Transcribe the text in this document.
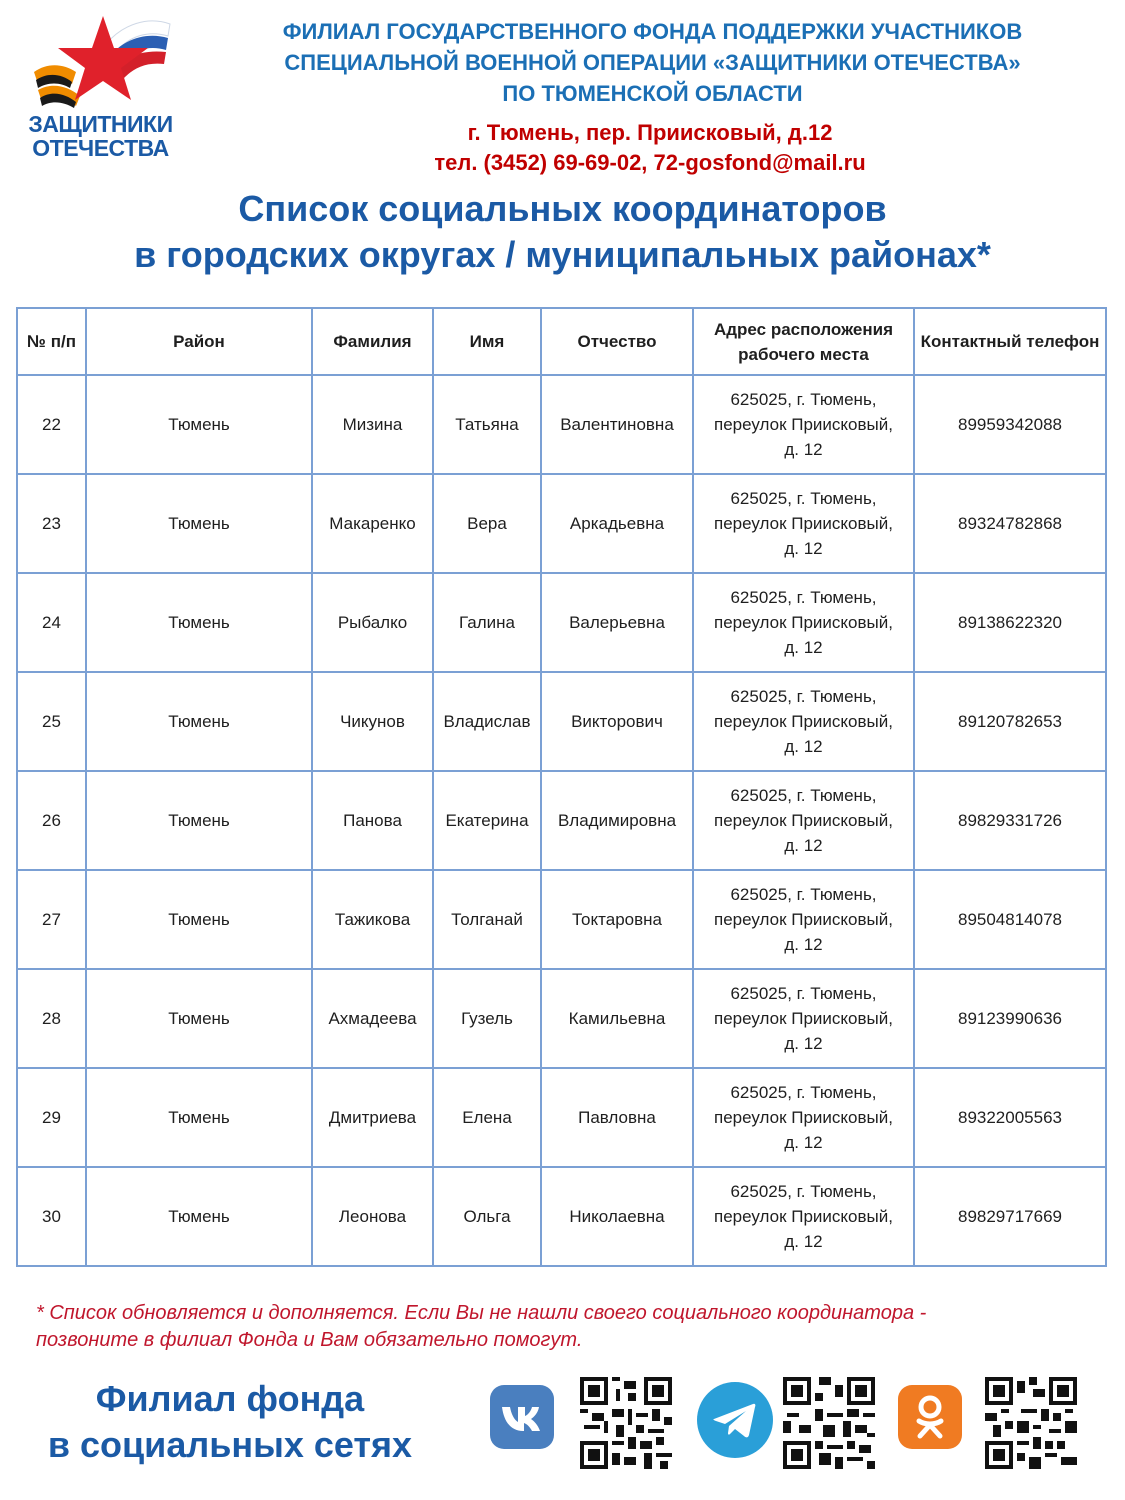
ЗАЩИТНИКИ
ОТЕЧЕСТВА
ФИЛИАЛ ГОСУДАРСТВЕННОГО ФОНДА ПОДДЕРЖКИ УЧАСТНИКОВ
СПЕЦИАЛЬНОЙ ВОЕННОЙ ОПЕРАЦИИ «ЗАЩИТНИКИ ОТЕЧЕСТВА»
ПО ТЮМЕНСКОЙ ОБЛАСТИ
г. Тюмень, пер. Приисковый, д.12
тел. (3452) 69-69-02, 72-gosfond@mail.ru
Список социальных координаторов
в городских округах / муниципальных районах*
№ п/п	Район	Фамилия	Имя	Отчество	Адрес расположения рабочего места	Контактный телефон
22	Тюмень	Мизина	Татьяна	Валентиновна	625025, г. Тюмень,
переулок Приисковый,
д. 12	89959342088
23	Тюмень	Макаренко	Вера	Аркадьевна	625025, г. Тюмень,
переулок Приисковый,
д. 12	89324782868
24	Тюмень	Рыбалко	Галина	Валерьевна	625025, г. Тюмень,
переулок Приисковый,
д. 12	89138622320
25	Тюмень	Чикунов	Владислав	Викторович	625025, г. Тюмень,
переулок Приисковый,
д. 12	89120782653
26	Тюмень	Панова	Екатерина	Владимировна	625025, г. Тюмень,
переулок Приисковый,
д. 12	89829331726
27	Тюмень	Тажикова	Толганай	Токтаровна	625025, г. Тюмень,
переулок Приисковый,
д. 12	89504814078
28	Тюмень	Ахмадеева	Гузель	Камильевна	625025, г. Тюмень,
переулок Приисковый,
д. 12	89123990636
29	Тюмень	Дмитриева	Елена	Павловна	625025, г. Тюмень,
переулок Приисковый,
д. 12	89322005563
30	Тюмень	Леонова	Ольга	Николаевна	625025, г. Тюмень,
переулок Приисковый,
д. 12	89829717669
* Список обновляется и дополняется. Если Вы не нашли своего социального координатора -
позвоните в филиал Фонда и Вам обязательно помогут.
Филиал фонда
в социальных сетях
